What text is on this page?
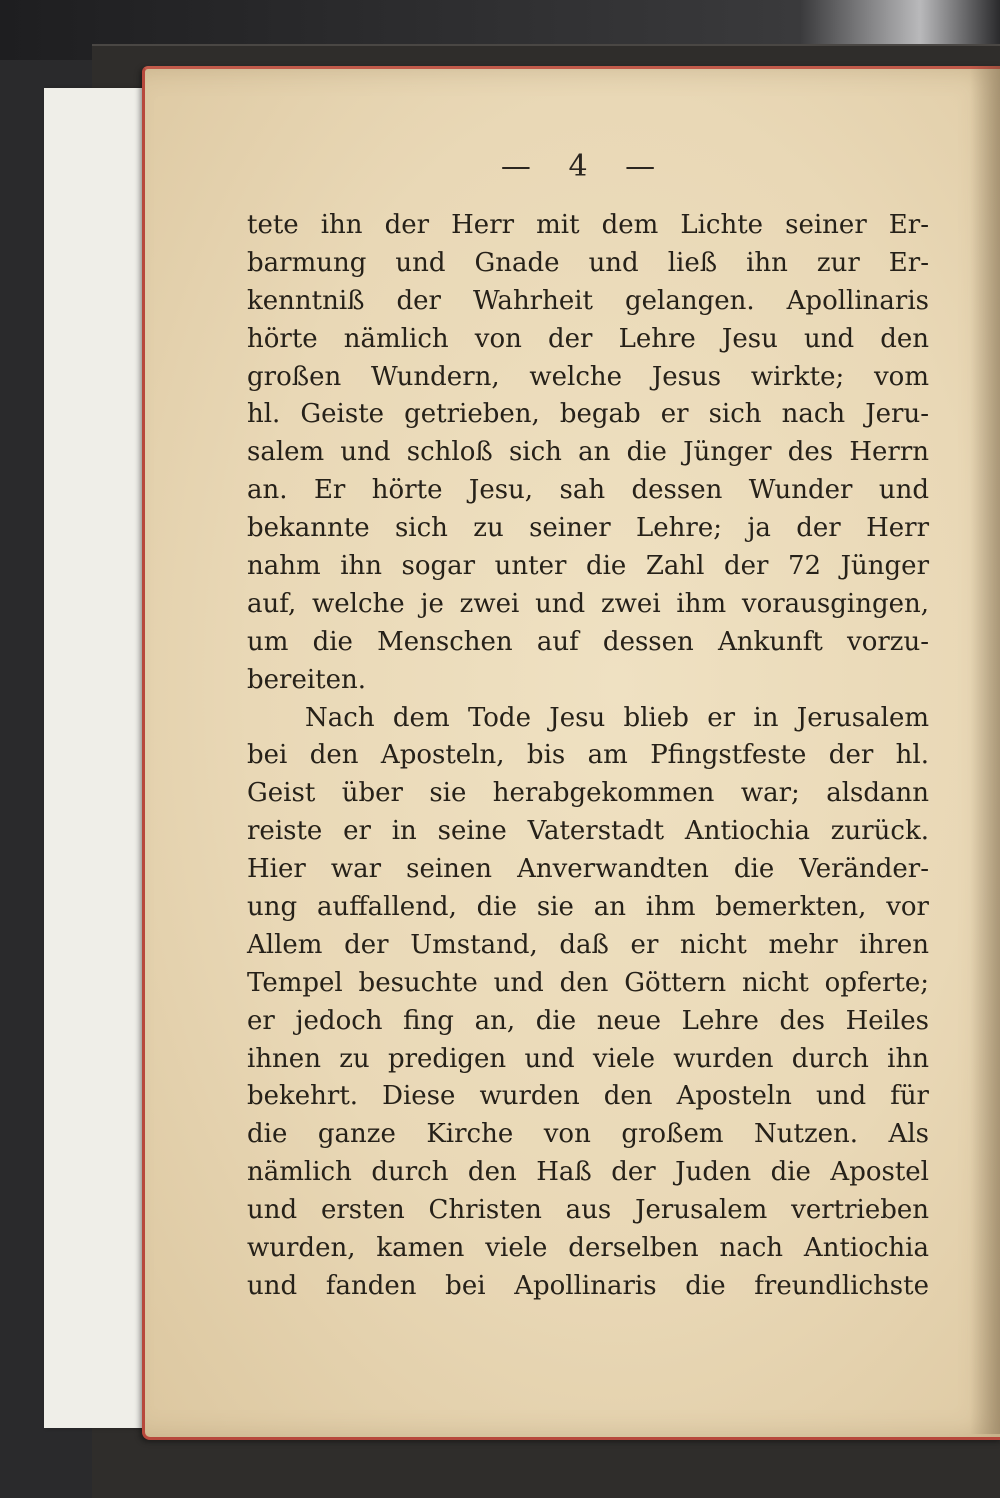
— 4 —
tete ihn der Herr mit dem Lichte seiner Er-
barmung und Gnade und ließ ihn zur Er-
kenntniß der Wahrheit gelangen. Apollinaris
hörte nämlich von der Lehre Jesu und den
großen Wundern, welche Jesus wirkte; vom
hl. Geiste getrieben, begab er sich nach Jeru-
salem und schloß sich an die Jünger des Herrn
an. Er hörte Jesu, sah dessen Wunder und
bekannte sich zu seiner Lehre; ja der Herr
nahm ihn sogar unter die Zahl der 72 Jünger
auf, welche je zwei und zwei ihm vorausgingen,
um die Menschen auf dessen Ankunft vorzu-
bereiten.
Nach dem Tode Jesu blieb er in Jerusalem
bei den Aposteln, bis am Pfingstfeste der hl.
Geist über sie herabgekommen war; alsdann
reiste er in seine Vaterstadt Antiochia zurück.
Hier war seinen Anverwandten die Veränder-
ung auffallend, die sie an ihm bemerkten, vor
Allem der Umstand, daß er nicht mehr ihren
Tempel besuchte und den Göttern nicht opferte;
er jedoch fing an, die neue Lehre des Heiles
ihnen zu predigen und viele wurden durch ihn
bekehrt. Diese wurden den Aposteln und für
die ganze Kirche von großem Nutzen. Als
nämlich durch den Haß der Juden die Apostel
und ersten Christen aus Jerusalem vertrieben
wurden, kamen viele derselben nach Antiochia
und fanden bei Apollinaris die freundlichste
